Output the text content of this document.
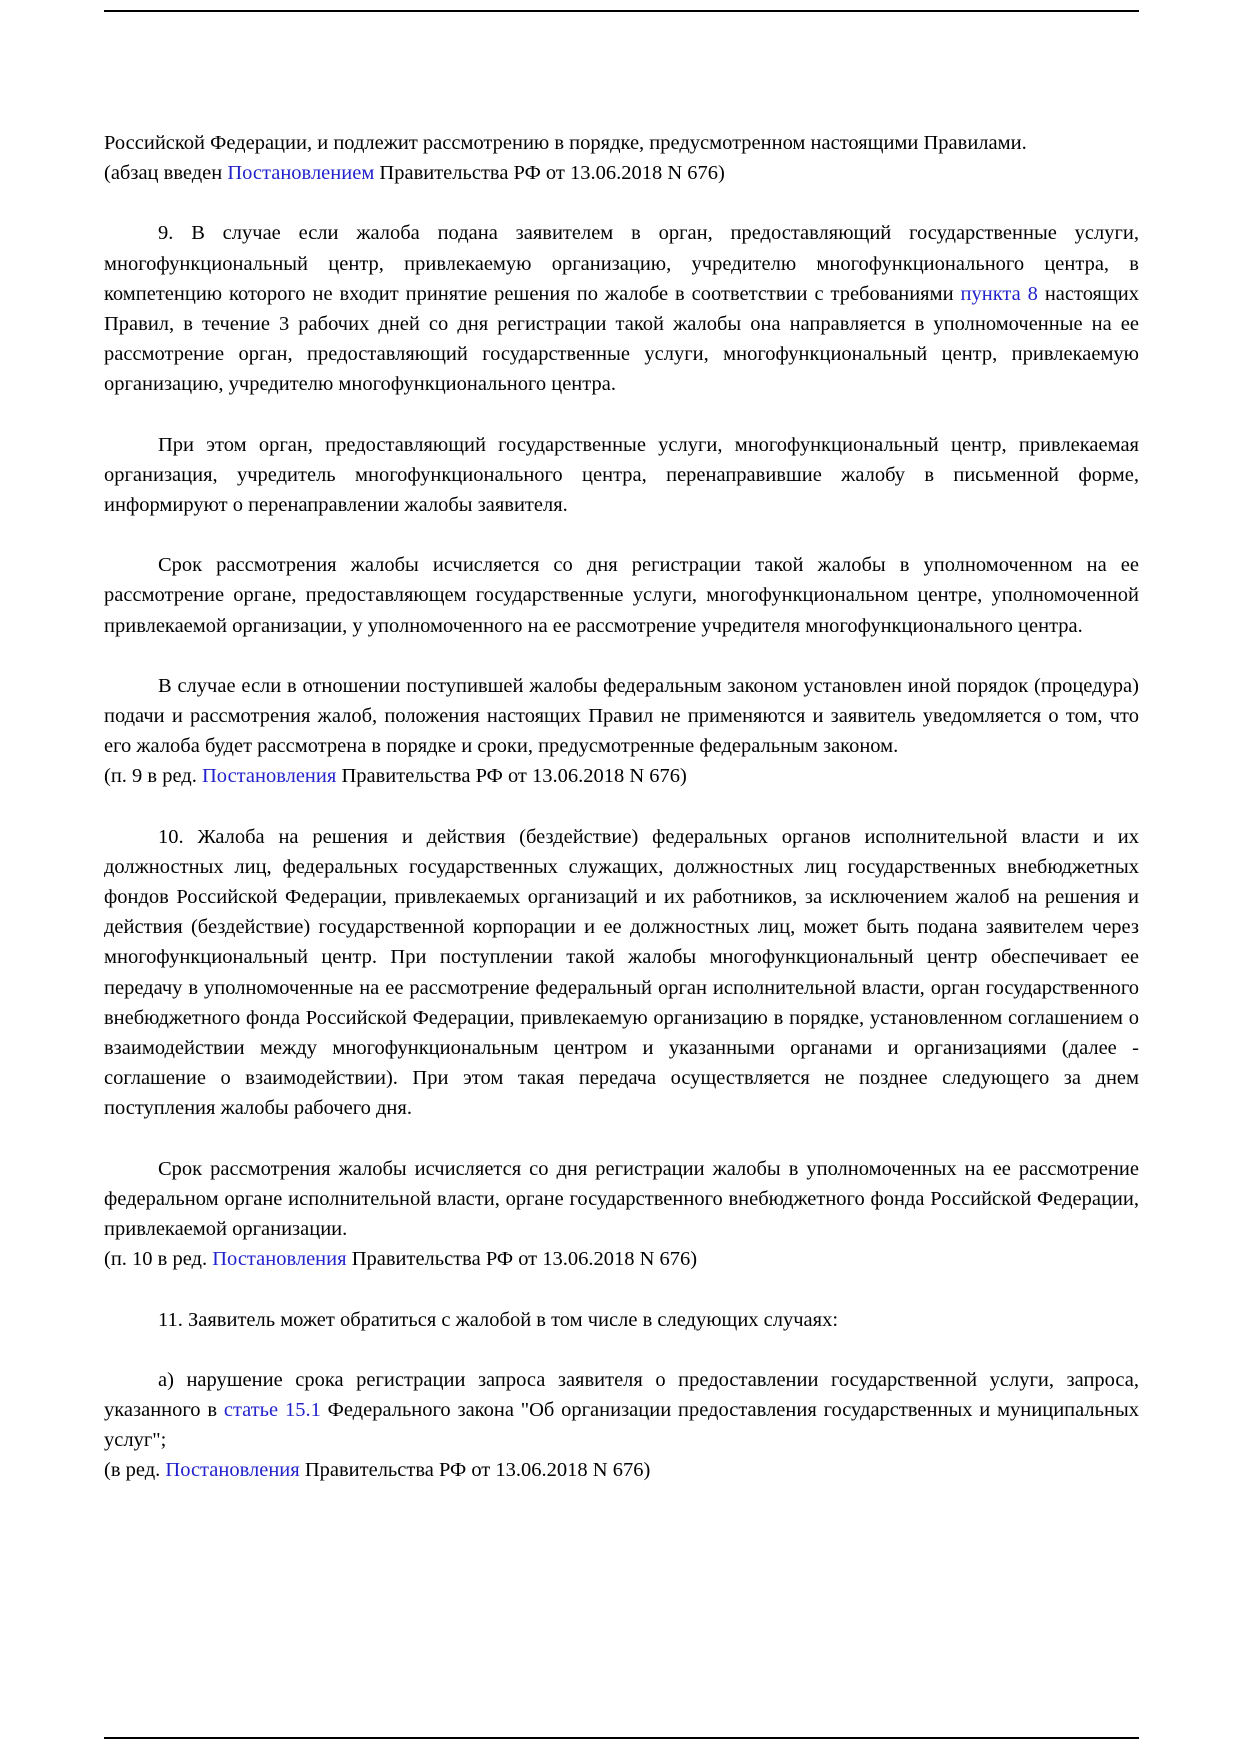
Российской Федерации, и подлежит рассмотрению в порядке, предусмотренном настоящими Правилами.

(абзац введен Постановлением Правительства РФ от 13.06.2018 N 676)

9. В случае если жалоба подана заявителем в орган, предоставляющий государственные услуги, многофункциональный центр, привлекаемую организацию, учредителю многофункционального центра, в компетенцию которого не входит принятие решения по жалобе в соответствии с требованиями пункта 8 настоящих Правил, в течение 3 рабочих дней со дня регистрации такой жалобы она направляется в уполномоченные на ее рассмотрение орган, предоставляющий государственные услуги, многофункциональный центр, привлекаемую организацию, учредителю многофункционального центра.

При этом орган, предоставляющий государственные услуги, многофункциональный центр, привлекаемая организация, учредитель многофункционального центра, перенаправившие жалобу в письменной форме, информируют о перенаправлении жалобы заявителя.

Срок рассмотрения жалобы исчисляется со дня регистрации такой жалобы в уполномоченном на ее рассмотрение органе, предоставляющем государственные услуги, многофункциональном центре, уполномоченной привлекаемой организации, у уполномоченного на ее рассмотрение учредителя многофункционального центра.

В случае если в отношении поступившей жалобы федеральным законом установлен иной порядок (процедура) подачи и рассмотрения жалоб, положения настоящих Правил не применяются и заявитель уведомляется о том, что его жалоба будет рассмотрена в порядке и сроки, предусмотренные федеральным законом.

(п. 9 в ред. Постановления Правительства РФ от 13.06.2018 N 676)

10. Жалоба на решения и действия (бездействие) федеральных органов исполнительной власти и их должностных лиц, федеральных государственных служащих, должностных лиц государственных внебюджетных фондов Российской Федерации, привлекаемых организаций и их работников, за исключением жалоб на решения и действия (бездействие) государственной корпорации и ее должностных лиц, может быть подана заявителем через многофункциональный центр. При поступлении такой жалобы многофункциональный центр обеспечивает ее передачу в уполномоченные на ее рассмотрение федеральный орган исполнительной власти, орган государственного внебюджетного фонда Российской Федерации, привлекаемую организацию в порядке, установленном соглашением о взаимодействии между многофункциональным центром и указанными органами и организациями (далее - соглашение о взаимодействии). При этом такая передача осуществляется не позднее следующего за днем поступления жалобы рабочего дня.

Срок рассмотрения жалобы исчисляется со дня регистрации жалобы в уполномоченных на ее рассмотрение федеральном органе исполнительной власти, органе государственного внебюджетного фонда Российской Федерации, привлекаемой организации.

(п. 10 в ред. Постановления Правительства РФ от 13.06.2018 N 676)

11. Заявитель может обратиться с жалобой в том числе в следующих случаях:

а) нарушение срока регистрации запроса заявителя о предоставлении государственной услуги, запроса, указанного в статье 15.1 Федерального закона "Об организации предоставления государственных и муниципальных услуг";

(в ред. Постановления Правительства РФ от 13.06.2018 N 676)
